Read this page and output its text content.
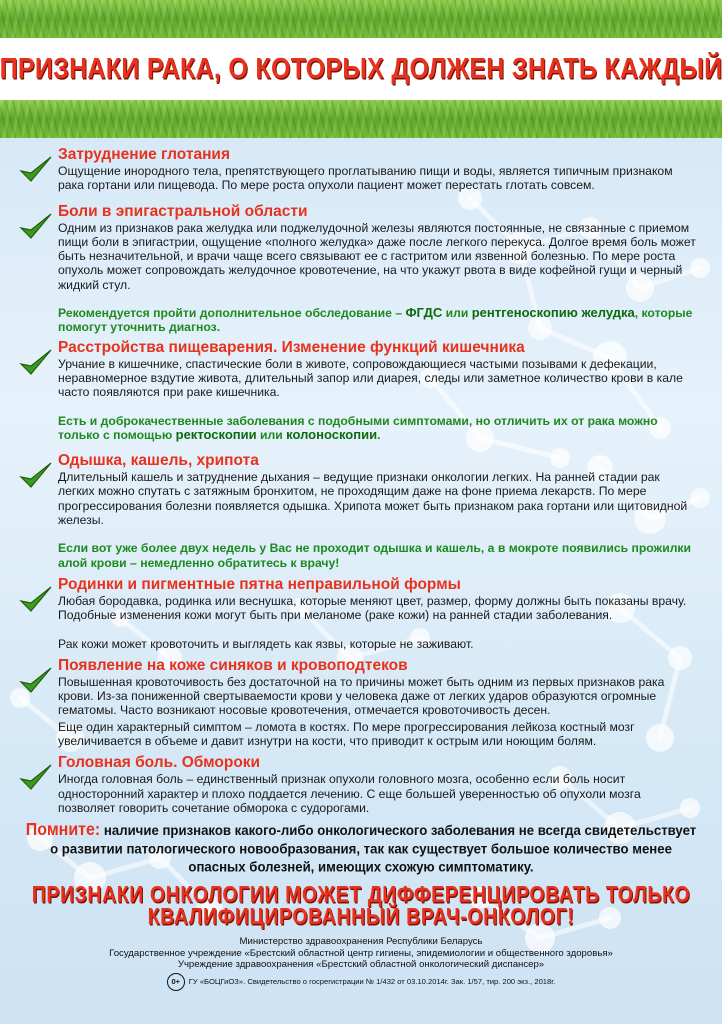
ПРИЗНАКИ РАКА, О КОТОРЫХ ДОЛЖЕН ЗНАТЬ КАЖДЫЙ
Затруднение глотания

Ощущение инородного тела, препятствующего проглатыванию пищи и воды, является типичным признаком рака гортани или пищевода. По мере роста опухоли пациент может перестать глотать совсем.

Боли в эпигастральной области

Одним из признаков рака желудка или поджелудочной железы являются постоянные, не связанные с приемом пищи боли в эпигастрии, ощущение «полного желудка» даже после легкого перекуса. Долгое время боль может быть незначительной, и врачи чаще всего связывают ее с гастритом или язвенной болезнью. По мере роста опухоль может сопровождать желудочное кровотечение, на что укажут рвота в виде кофейной гущи и черный жидкий стул.

Рекомендуется пройти дополнительное обследование – ФГДС или рентгеноскопию желудка, которые помогут уточнить диагноз.

Расстройства пищеварения. Изменение функций кишечника

Урчание в кишечнике, спастические боли в животе, сопровождающиеся частыми позывами к дефекации, неравномерное вздутие живота, длительный запор или диарея, следы или заметное количество крови в кале часто появляются при раке кишечника.

Есть и доброкачественные заболевания с подобными симптомами, но отличить их от рака можно только с помощью ректоскопии или колоноскопии.

Одышка, кашель, хрипота

Длительный кашель и затруднение дыхания – ведущие признаки онкологии легких. На ранней стадии рак легких можно спутать с затяжным бронхитом, не проходящим даже на фоне приема лекарств. По мере прогрессирования болезни появляется одышка. Хрипота может быть признаком рака гортани или щитовидной железы.

Если вот уже более двух недель у Вас не проходит одышка и кашель, а в мокроте появились прожилки алой крови – немедленно обратитесь к врачу!

Родинки и пигментные пятна неправильной формы

Любая бородавка, родинка или веснушка, которые меняют цвет, размер, форму должны быть показаны врачу. Подобные изменения кожи могут быть при меланоме (раке кожи) на ранней стадии заболевания.

Рак кожи может кровоточить и выглядеть как язвы, которые не заживают.

Появление на коже синяков и кровоподтеков

Повышенная кровоточивость без достаточной на то причины может быть одним из первых признаков рака крови. Из-за пониженной свертываемости крови у человека даже от легких ударов образуются огромные гематомы. Часто возникают носовые кровотечения, отмечается кровоточивость десен.

Еще один характерный симптом – ломота в костях. По мере прогрессирования лейкоза костный мозг увеличивается в объеме и давит изнутри на кости, что приводит к острым или ноющим болям.

Головная боль. Обмороки

Иногда головная боль – единственный признак опухоли головного мозга, особенно если боль носит односторонний характер и плохо поддается лечению. С еще большей уверенностью об опухоли мозга позволяет говорить сочетание обморока с судорогами.

Помните: наличие признаков какого-либо онкологического заболевания не всегда свидетельствует о развитии патологического новообразования, так как существует большое количество менее опасных болезней, имеющих схожую симптоматику.

ПРИЗНАКИ ОНКОЛОГИИ МОЖЕТ ДИФФЕРЕНЦИРОВАТЬ ТОЛЬКО

КВАЛИФИЦИРОВАННЫЙ ВРАЧ-ОНКОЛОГ!

Министерство здравоохранения Республики Беларусь

Государственное учреждение «Брестский областной центр гигиены, эпидемиологии и общественного здоровья»

Учреждение здравоохранения «Брестский областной онкологический диспансер»

0+	ГУ «БОЦГиОЗ». Свидетельство о госрегистрации № 1/432 от 03.10.2014г. Зак. 1/57, тир. 200 экз., 2018г.
